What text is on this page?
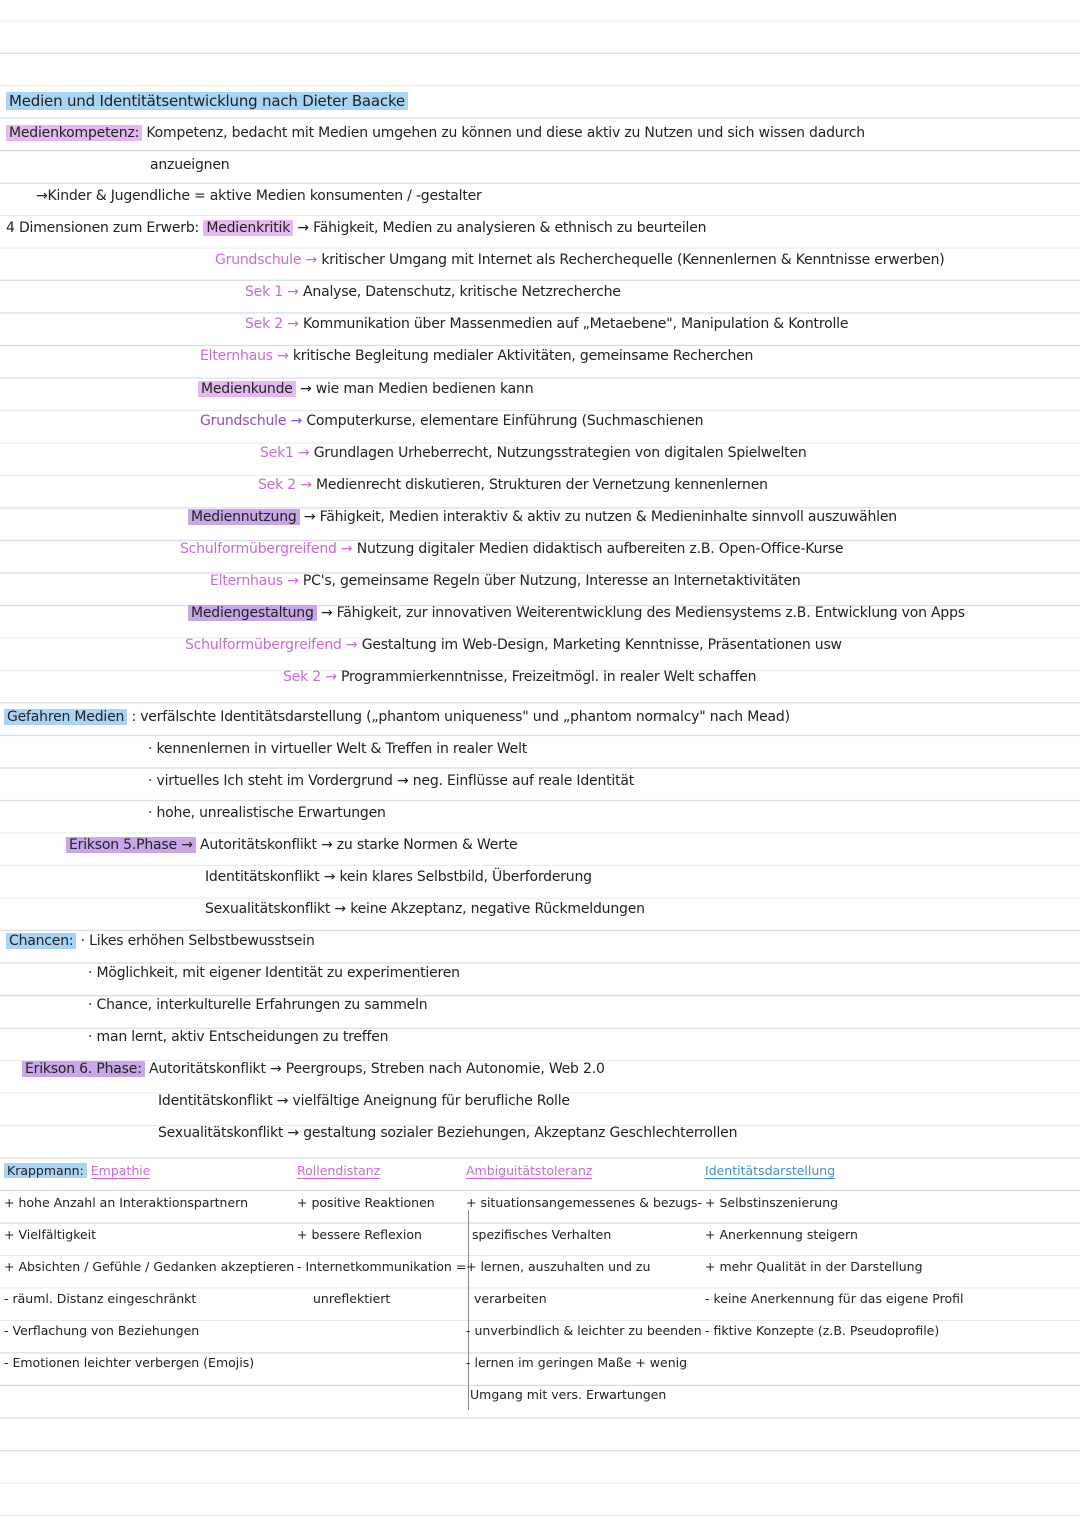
Medien und Identitätsentwicklung nach Dieter Baacke
Medienkompetenz: Kompetenz, bedacht mit Medien umgehen zu können und diese aktiv zu Nutzen und sich wissen dadurch
anzueignen
→Kinder & Jugendliche = aktive Medien konsumenten / -gestalter
4 Dimensionen zum Erwerb: Medienkritik → Fähigkeit, Medien zu analysieren & ethnisch zu beurteilen
Grundschule → kritischer Umgang mit Internet als Recherchequelle (Kennenlernen & Kenntnisse erwerben)
Sek 1 → Analyse, Datenschutz, kritische Netzrecherche
Sek 2 → Kommunikation über Massenmedien auf „Metaebene", Manipulation & Kontrolle
Elternhaus → kritische Begleitung medialer Aktivitäten, gemeinsame Recherchen
Medienkunde → wie man Medien bedienen kann
Grundschule → Computerkurse, elementare Einführung (Suchmaschienen
Sek1 → Grundlagen Urheberrecht, Nutzungsstrategien von digitalen Spielwelten
Sek 2 → Medienrecht diskutieren, Strukturen der Vernetzung kennenlernen
Mediennutzung → Fähigkeit, Medien interaktiv & aktiv zu nutzen & Medieninhalte sinnvoll auszuwählen
Schulformübergreifend → Nutzung digitaler Medien didaktisch aufbereiten z.B. Open-Office-Kurse
Elternhaus → PC's, gemeinsame Regeln über Nutzung, Interesse an Internetaktivitäten
Mediengestaltung → Fähigkeit, zur innovativen Weiterentwicklung des Mediensystems z.B. Entwicklung von Apps
Schulformübergreifend → Gestaltung im Web-Design, Marketing Kenntnisse, Präsentationen usw
Sek 2 → Programmierkenntnisse, Freizeitmögl. in realer Welt schaffen
Gefahren Medien : verfälschte Identitätsdarstellung („phantom uniqueness" und „phantom normalcy" nach Mead)
· kennenlernen in virtueller Welt & Treffen in realer Welt
· virtuelles Ich steht im Vordergrund → neg. Einflüsse auf reale Identität
· hohe, unrealistische Erwartungen
Erikson 5.Phase → Autoritätskonflikt → zu starke Normen & Werte
Identitätskonflikt → kein klares Selbstbild, Überforderung
Sexualitätskonflikt → keine Akzeptanz, negative Rückmeldungen
Chancen: · Likes erhöhen Selbstbewusstsein
· Möglichkeit, mit eigener Identität zu experimentieren
· Chance, interkulturelle Erfahrungen zu sammeln
· man lernt, aktiv Entscheidungen zu treffen
Erikson 6. Phase: Autoritätskonflikt → Peergroups, Streben nach Autonomie, Web 2.0
Identitätskonflikt → vielfältige Aneignung für berufliche Rolle
Sexualitätskonflikt → gestaltung sozialer Beziehungen, Akzeptanz Geschlechterrollen
Krappmann: Empathie
+ hohe Anzahl an Interaktionspartnern
+ Vielfältigkeit
+ Absichten / Gefühle / Gedanken akzeptieren
- räuml. Distanz eingeschränkt
- Verflachung von Beziehungen
- Emotionen leichter verbergen (Emojis)
Rollendistanz
+ positive Reaktionen
+ bessere Reflexion
- Internetkommunikation =
unreflektiert
Ambiguitätstoleranz
+ situationsangemessenes & bezugs-
spezifisches Verhalten
+ lernen, auszuhalten und zu
verarbeiten
- unverbindlich & leichter zu beenden
- lernen im geringen Maße + wenig
Umgang mit vers. Erwartungen
Identitätsdarstellung
+ Selbstinszenierung
+ Anerkennung steigern
+ mehr Qualität in der Darstellung
- keine Anerkennung für das eigene Profil
- fiktive Konzepte (z.B. Pseudoprofile)
